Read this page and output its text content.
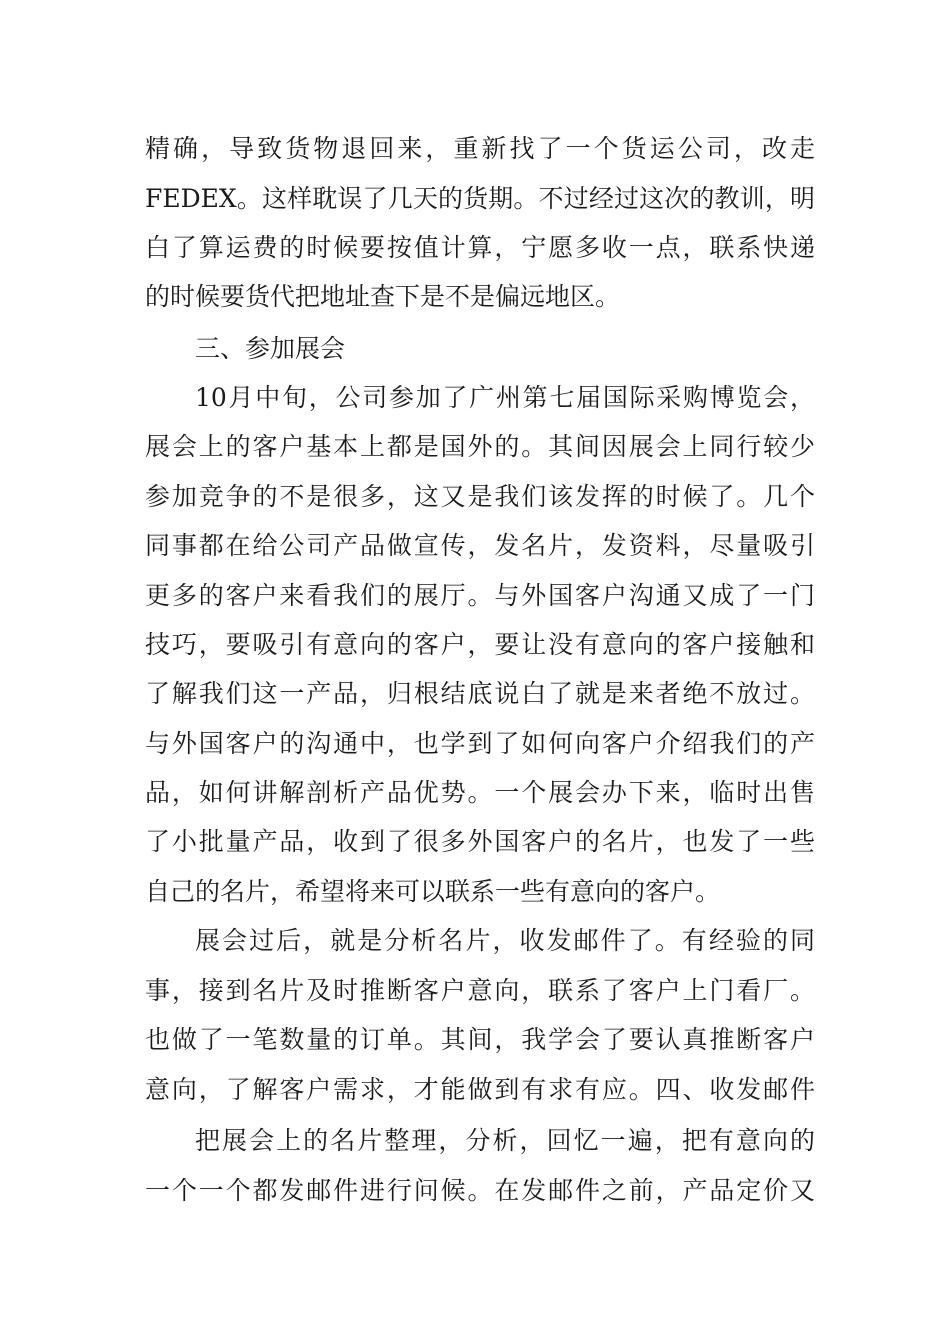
精确，导致货物退回来，重新找了一个货运公司，改走
FEDEX。这样耽误了几天的货期。不过经过这次的教训，明
白了算运费的时候要按值计算，宁愿多收一点，联系快递
的时候要货代把地址查下是不是偏远地区。
三、参加展会
10月中旬，公司参加了广州第七届国际采购博览会，
展会上的客户基本上都是国外的。其间因展会上同行较少
参加竞争的不是很多，这又是我们该发挥的时候了。几个
同事都在给公司产品做宣传，发名片，发资料，尽量吸引
更多的客户来看我们的展厅。与外国客户沟通又成了一门
技巧，要吸引有意向的客户，要让没有意向的客户接触和
了解我们这一产品，归根结底说白了就是来者绝不放过。
与外国客户的沟通中，也学到了如何向客户介绍我们的产
品，如何讲解剖析产品优势。一个展会办下来，临时出售
了小批量产品，收到了很多外国客户的名片，也发了一些
自己的名片，希望将来可以联系一些有意向的客户。
展会过后，就是分析名片，收发邮件了。有经验的同
事，接到名片及时推断客户意向，联系了客户上门看厂。
也做了一笔数量的订单。其间，我学会了要认真推断客户
意向，了解客户需求，才能做到有求有应。四、收发邮件
把展会上的名片整理，分析，回忆一遍，把有意向的
一个一个都发邮件进行问候。在发邮件之前，产品定价又
